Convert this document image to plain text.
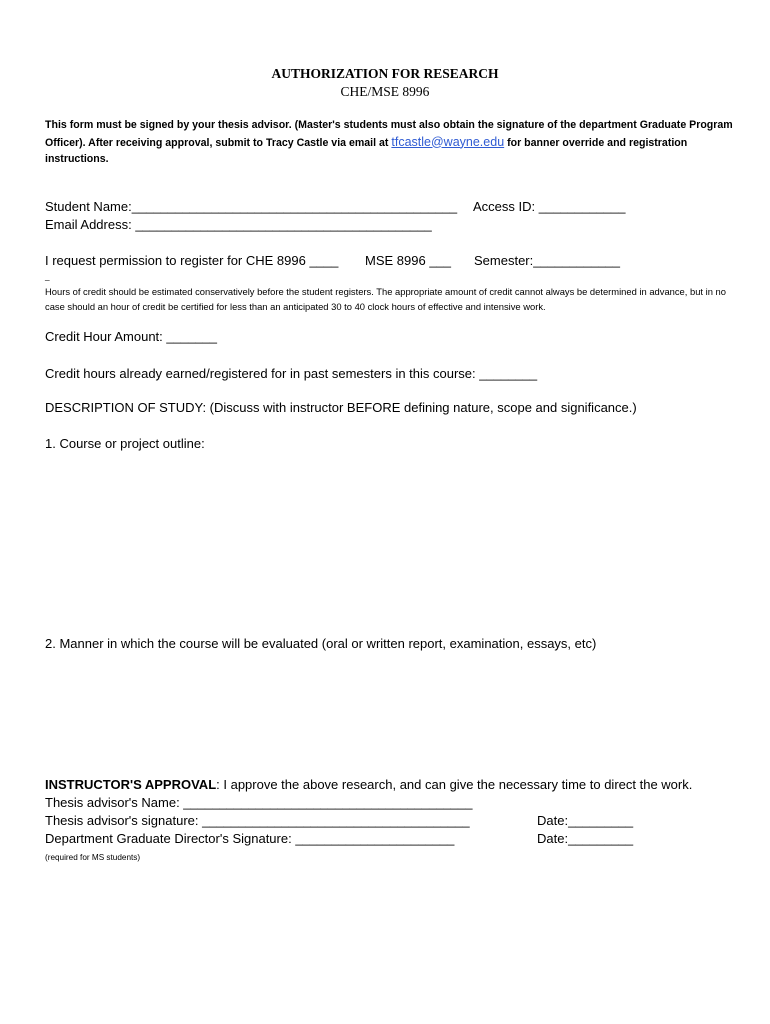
AUTHORIZATION FOR RESEARCH
CHE/MSE 8996
This form must be signed by your thesis advisor. (Master's students must also obtain the signature of the department Graduate Program Officer). After receiving approval, submit to Tracy Castle via email at tfcastle@wayne.edu for banner override and registration instructions.
Student Name:_____________________________________________ Access ID: ____________
Email Address: _________________________________________
I request permission to register for CHE 8996 ____ MSE 8996 ___ Semester:____________
_
Hours of credit should be estimated conservatively before the student registers. The appropriate amount of credit cannot always be determined in advance, but in no case should an hour of credit be certified for less than an anticipated 30 to 40 clock hours of effective and intensive work.
Credit Hour Amount: _______
Credit hours already earned/registered for in past semesters in this course: ________
DESCRIPTION OF STUDY: (Discuss with instructor BEFORE defining nature, scope and significance.)
1. Course or project outline:
2. Manner in which the course will be evaluated (oral or written report, examination, essays, etc)
INSTRUCTOR'S APPROVAL: I approve the above research, and can give the necessary time to direct the work.
Thesis advisor's Name: ________________________________________
Thesis advisor's signature: _____________________________________	Date:_________
Department Graduate Director's Signature: ______________________	Date:_________
(required for MS students)
